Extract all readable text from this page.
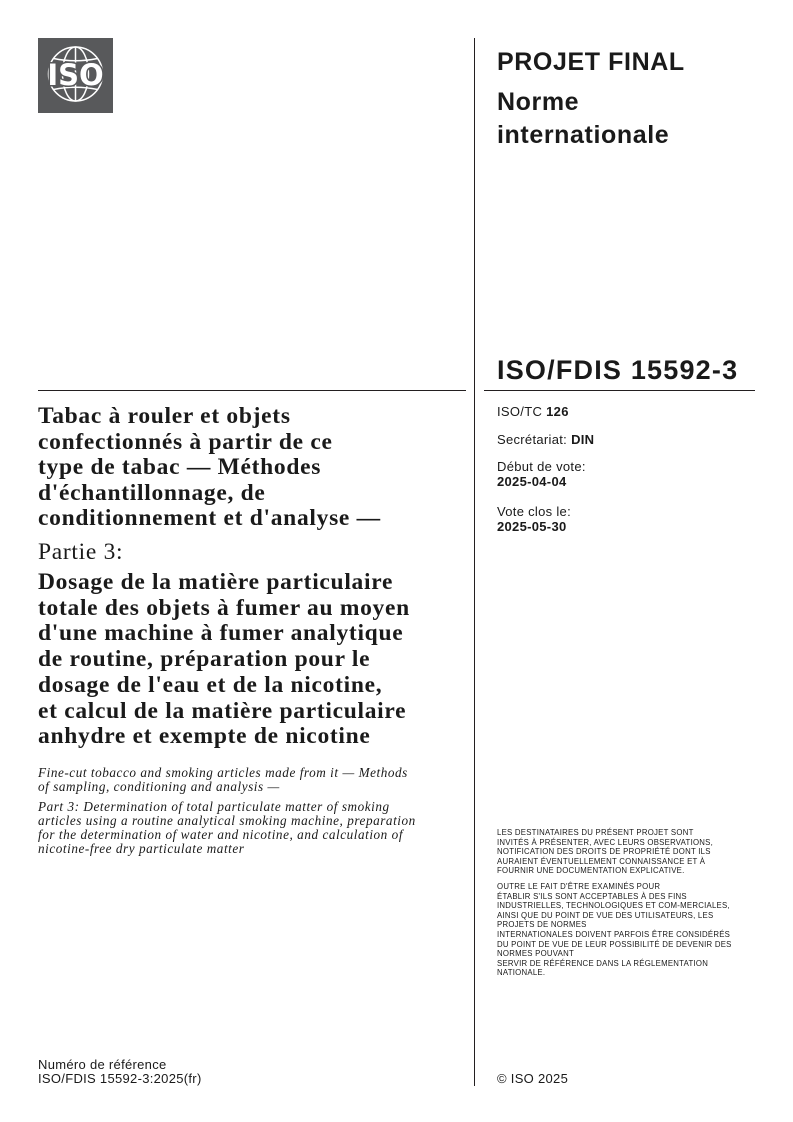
ISO	PROJET FINAL
Norme internationale
ISO/FDIS 15592-3
ISO/TC 126
Secrétariat: DIN
Début de vote:
2025-04-04
Vote clos le:
2025-05-30
Tabac à rouler et objets
confectionnés à partir de ce
type de tabac — Méthodes
d'échantillonnage, de
conditionnement et d'analyse —
Partie 3:
Dosage de la matière particulaire
totale des objets à fumer au moyen
d'une machine à fumer analytique
de routine, préparation pour le
dosage de l'eau et de la nicotine,
et calcul de la matière particulaire
anhydre et exempte de nicotine
Fine-cut tobacco and smoking articles made from it — Methods
of sampling, conditioning and analysis —
Part 3: Determination of total particulate matter of smoking
articles using a routine analytical smoking machine, preparation
for the determination of water and nicotine, and calculation of
nicotine-free dry particulate matter
LES DESTINATAIRES DU PRÉSENT PROJET SONT
INVITÉS À PRÉSENTER, AVEC LEURS OBSERVATIONS,
NOTIFICATION DES DROITS DE PROPRIÉTÉ DONT ILS
AURAIENT ÉVENTUELLEMENT CONNAISSANCE ET À
FOURNIR UNE DOCUMENTATION EXPLICATIVE.
OUTRE LE FAIT D'ÊTRE EXAMINÉS POUR
ÉTABLIR S'ILS SONT ACCEPTABLES À DES FINS
INDUSTRIELLES, TECHNOLOGIQUES ET COM-MERCIALES,
AINSI QUE DU POINT DE VUE DES UTILISATEURS, LES
PROJETS DE NORMES
INTERNATIONALES DOIVENT PARFOIS ÊTRE CONSIDÉRÉS
DU POINT DE VUE DE LEUR POSSIBILITÉ DE DEVENIR DES
NORMES POUVANT
SERVIR DE RÉFÉRENCE DANS LA RÉGLEMENTATION
NATIONALE.
Numéro de référence
ISO/FDIS 15592-3:2025(fr)	© ISO 2025
